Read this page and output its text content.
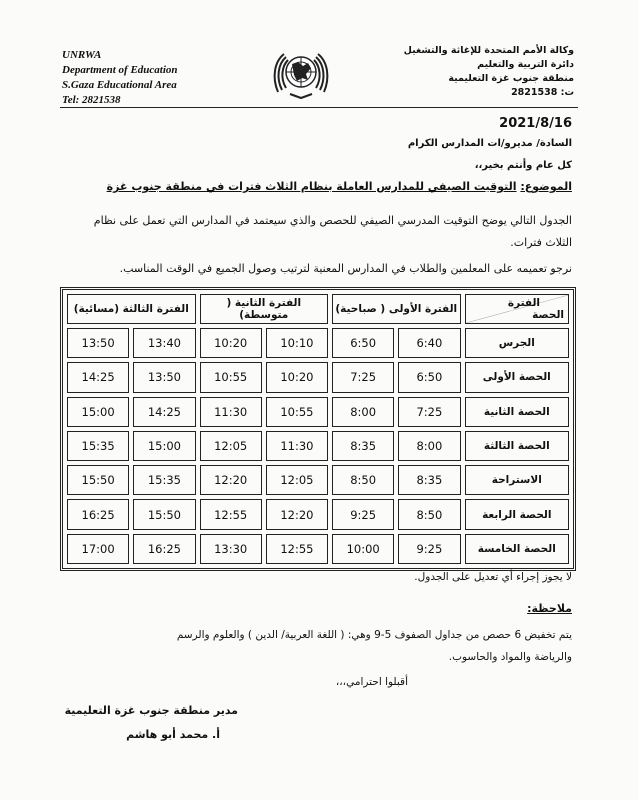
UNRWA
Department of Education
S.Gaza Educational Area
Tel: 2821538
وكالة الأمم المتحدة للإغاثة والتشغيل
دائرة التربية والتعليم
منطقة جنوب غزة التعليمية
ت: 2821538
2021/8/16
السادة/ مديرو/ات المدارس الكرام
كل عام وأنتم بخير،،
الموضوع: التوقيت الصيفي للمدارس العاملة بنظام الثلاث فترات في منطقة جنوب غزة
الجدول التالي يوضح التوقيت المدرسي الصيفي للحصص والذي سيعتمد في المدارس التي تعمل على نظام الثلاث فترات.
نرجو تعميمه على المعلمين والطلاب في المدارس المعنية لترتيب وصول الجميع في الوقت المناسب.
الفترة
الحصة	الفترة الأولى ( صباحية)		الفترة الثانية ( متوسطة)		الفترة الثالثة (مسائية)	
الجرس	6:40	6:50	10:10	10:20	13:40	13:50
الحصة الأولى	6:50	7:25	10:20	10:55	13:50	14:25
الحصة الثانية	7:25	8:00	10:55	11:30	14:25	15:00
الحصة الثالثة	8:00	8:35	11:30	12:05	15:00	15:35
الاستراحة	8:35	8:50	12:05	12:20	15:35	15:50
الحصة الرابعة	8:50	9:25	12:20	12:55	15:50	16:25
الحصة الخامسة	9:25	10:00	12:55	13:30	16:25	17:00
لا يجوز إجراء أي تعديل على الجدول.
ملاحظة:
يتم تخفيض 6 حصص من جداول الصفوف 5-9 وهي: ( اللغة العربية/ الدين ) والعلوم والرسم
والرياضة والمواد والحاسوب.
أقبلوا احترامي،،،
مدير منطقة جنوب غزة التعليمية
أ. محمد أبو هاشم
